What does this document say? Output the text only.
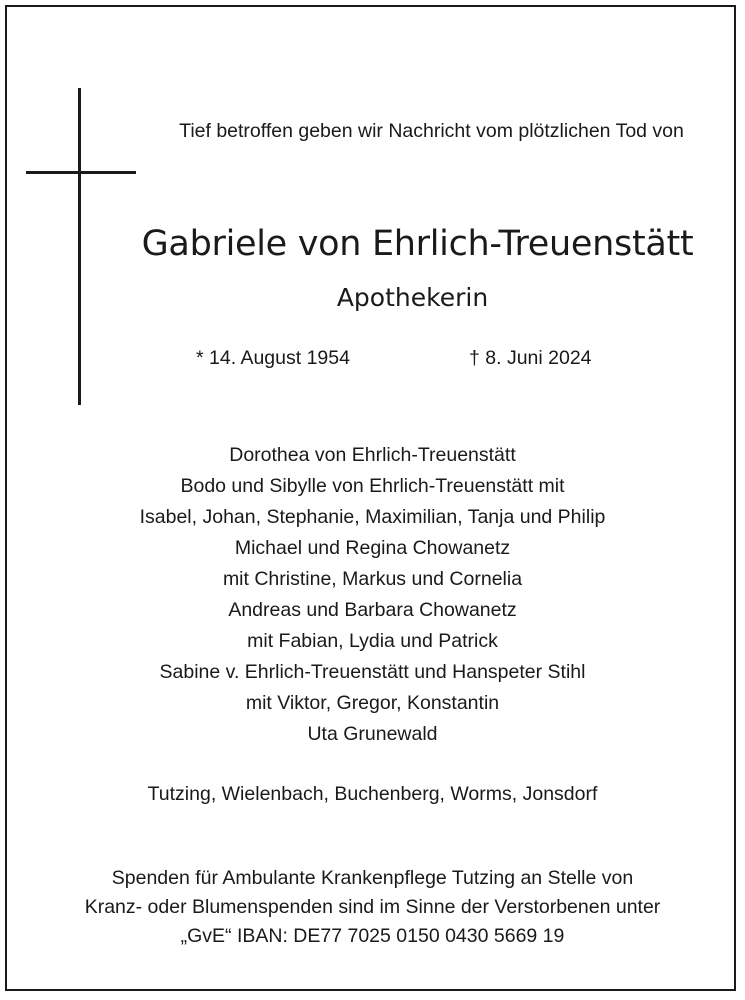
Tief betroffen geben wir Nachricht vom plötzlichen Tod von
Gabriele von Ehrlich-Treuenstätt
Apothekerin
* 14. August 1954	† 8. Juni 2024
Dorothea von Ehrlich-Treuenstätt
Bodo und Sibylle von Ehrlich-Treuenstätt mit
Isabel, Johan, Stephanie, Maximilian, Tanja und Philip
Michael und Regina Chowanetz
mit Christine, Markus und Cornelia
Andreas und Barbara Chowanetz
mit Fabian, Lydia und Patrick
Sabine v. Ehrlich-Treuenstätt und Hanspeter Stihl
mit Viktor, Gregor, Konstantin
Uta Grunewald
Tutzing, Wielenbach, Buchenberg, Worms, Jonsdorf
Spenden für Ambulante Krankenpflege Tutzing an Stelle von
Kranz- oder Blumenspenden sind im Sinne der Verstorbenen unter
„GvE“ IBAN: DE77 7025 0150 0430 5669 19
